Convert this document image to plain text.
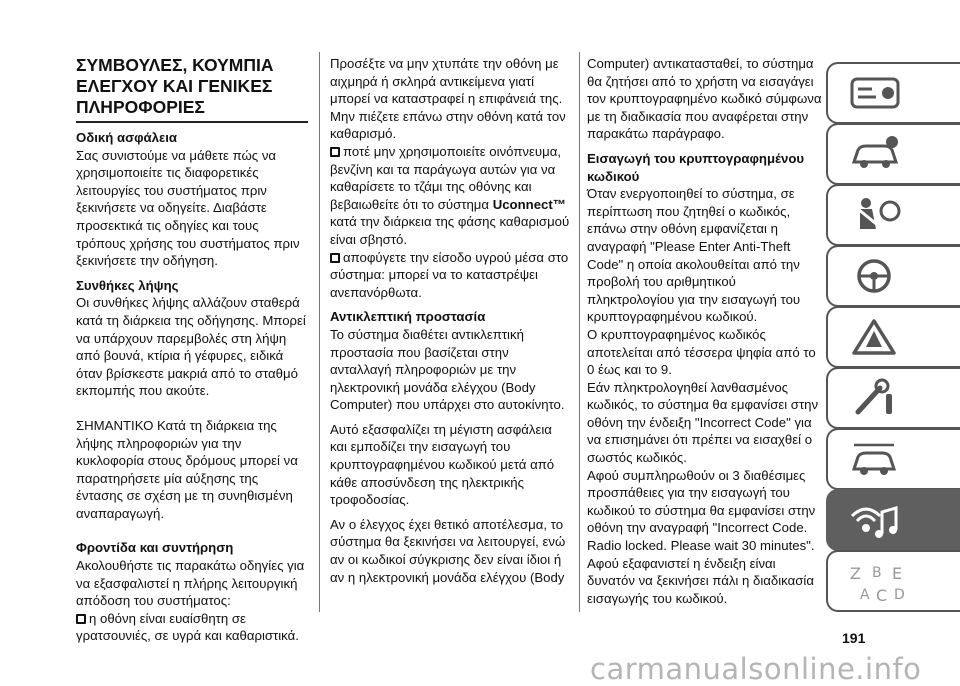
ΣΥΜΒΟΥΛΕΣ, ΚΟΥΜΠΙΑ ΕΛΕΓΧΟΥ ΚΑΙ ΓΕΝΙΚΕΣ ΠΛΗΡΟΦΟΡΙΕΣ

Οδική ασφάλεια

Σας συνιστούμε να μάθετε πώς να χρησιμοποιείτε τις διαφορετικές λειτουργίες του συστήματος πριν ξεκινήσετε να οδηγείτε. Διαβάστε προσεκτικά τις οδηγίες και τους τρόπους χρήσης του συστήματος πριν ξεκινήσετε την οδήγηση.

Συνθήκες λήψης

Οι συνθήκες λήψης αλλάζουν σταθερά κατά τη διάρκεια της οδήγησης. Μπορεί να υπάρχουν παρεμβολές στη λήψη από βουνά, κτίρια ή γέφυρες, ειδικά όταν βρίσκεστε μακριά από το σταθμό εκπομπής που ακούτε.

ΣΗΜΑΝΤΙΚΟ Κατά τη διάρκεια της λήψης πληροφοριών για την κυκλοφορία στους δρόμους μπορεί να παρατηρήσετε μία αύξησης της έντασης σε σχέση με τη συνηθισμένη αναπαραγωγή.

Φροντίδα και συντήρηση

Ακολουθήστε τις παρακάτω οδηγίες για να εξασφαλιστεί η πλήρης λειτουργική απόδοση του συστήματος:

η οθόνη είναι ευαίσθητη σε γρατσουνιές, σε υγρά και καθαριστικά.

Προσέξτε να μην χτυπάτε την οθόνη με αιχμηρά ή σκληρά αντικείμενα γιατί μπορεί να καταστραφεί η επιφάνειά της. Μην πιέζετε επάνω στην οθόνη κατά τον καθαρισμό.

ποτέ μην χρησιμοποιείτε οινόπνευμα, βενζίνη και τα παράγωγα αυτών για να καθαρίσετε το τζάμι της οθόνης και βεβαιωθείτε ότι το σύστημα Uconnect™ κατά την διάρκεια της φάσης καθαρισμού είναι σβηστό.

αποφύγετε την είσοδο υγρού μέσα στο σύστημα: μπορεί να το καταστρέψει ανεπανόρθωτα.

Αντικλεπτική προστασία

Το σύστημα διαθέτει αντικλεπτική προστασία που βασίζεται στην ανταλλαγή πληροφοριών με την ηλεκτρονική μονάδα ελέγχου (Body Computer) που υπάρχει στο αυτοκίνητο.

Αυτό εξασφαλίζει τη μέγιστη ασφάλεια και εμποδίζει την εισαγωγή του κρυπτογραφημένου κωδικού μετά από κάθε αποσύνδεση της ηλεκτρικής τροφοδοσίας.

Αν ο έλεγχος έχει θετικό αποτέλεσμα, το σύστημα θα ξεκινήσει να λειτουργεί, ενώ αν οι κωδικοί σύγκρισης δεν είναι ίδιοι ή αν η ηλεκτρονική μονάδα ελέγχου (Body

Computer) αντικατασταθεί, το σύστημα θα ζητήσει από το χρήστη να εισαγάγει τον κρυπτογραφημένο κωδικό σύμφωνα με τη διαδικασία που αναφέρεται στην παρακάτω παράγραφο.

Εισαγωγή του κρυπτογραφημένου κωδικού

Όταν ενεργοποιηθεί το σύστημα, σε περίπτωση που ζητηθεί ο κωδικός, επάνω στην οθόνη εμφανίζεται η αναγραφή "Please Enter Anti-Theft Code" η οποία ακολουθείται από την προβολή του αριθμητικού πληκτρολογίου για την εισαγωγή του κρυπτογραφημένου κωδικού.

Ο κρυπτογραφημένος κωδικός αποτελείται από τέσσερα ψηφία από το 0 έως και το 9.

Εάν πληκτρολογηθεί λανθασμένος κωδικός, το σύστημα θα εμφανίσει στην οθόνη την ένδειξη "Incorrect Code" για να επισημάνει ότι πρέπει να εισαχθεί ο σωστός κωδικός.

Αφού συμπληρωθούν οι 3 διαθέσιμες προσπάθειες για την εισαγωγή του κωδικού το σύστημα θα εμφανίσει στην οθόνη την αναγραφή "Incorrect Code. Radio locked. Please wait 30 minutes". Αφού εξαφανιστεί η ένδειξη είναι δυνατόν να ξεκινήσει πάλι η διαδικασία εισαγωγής του κωδικού.

Z B E
A C D
191
carmanualsonline.info
